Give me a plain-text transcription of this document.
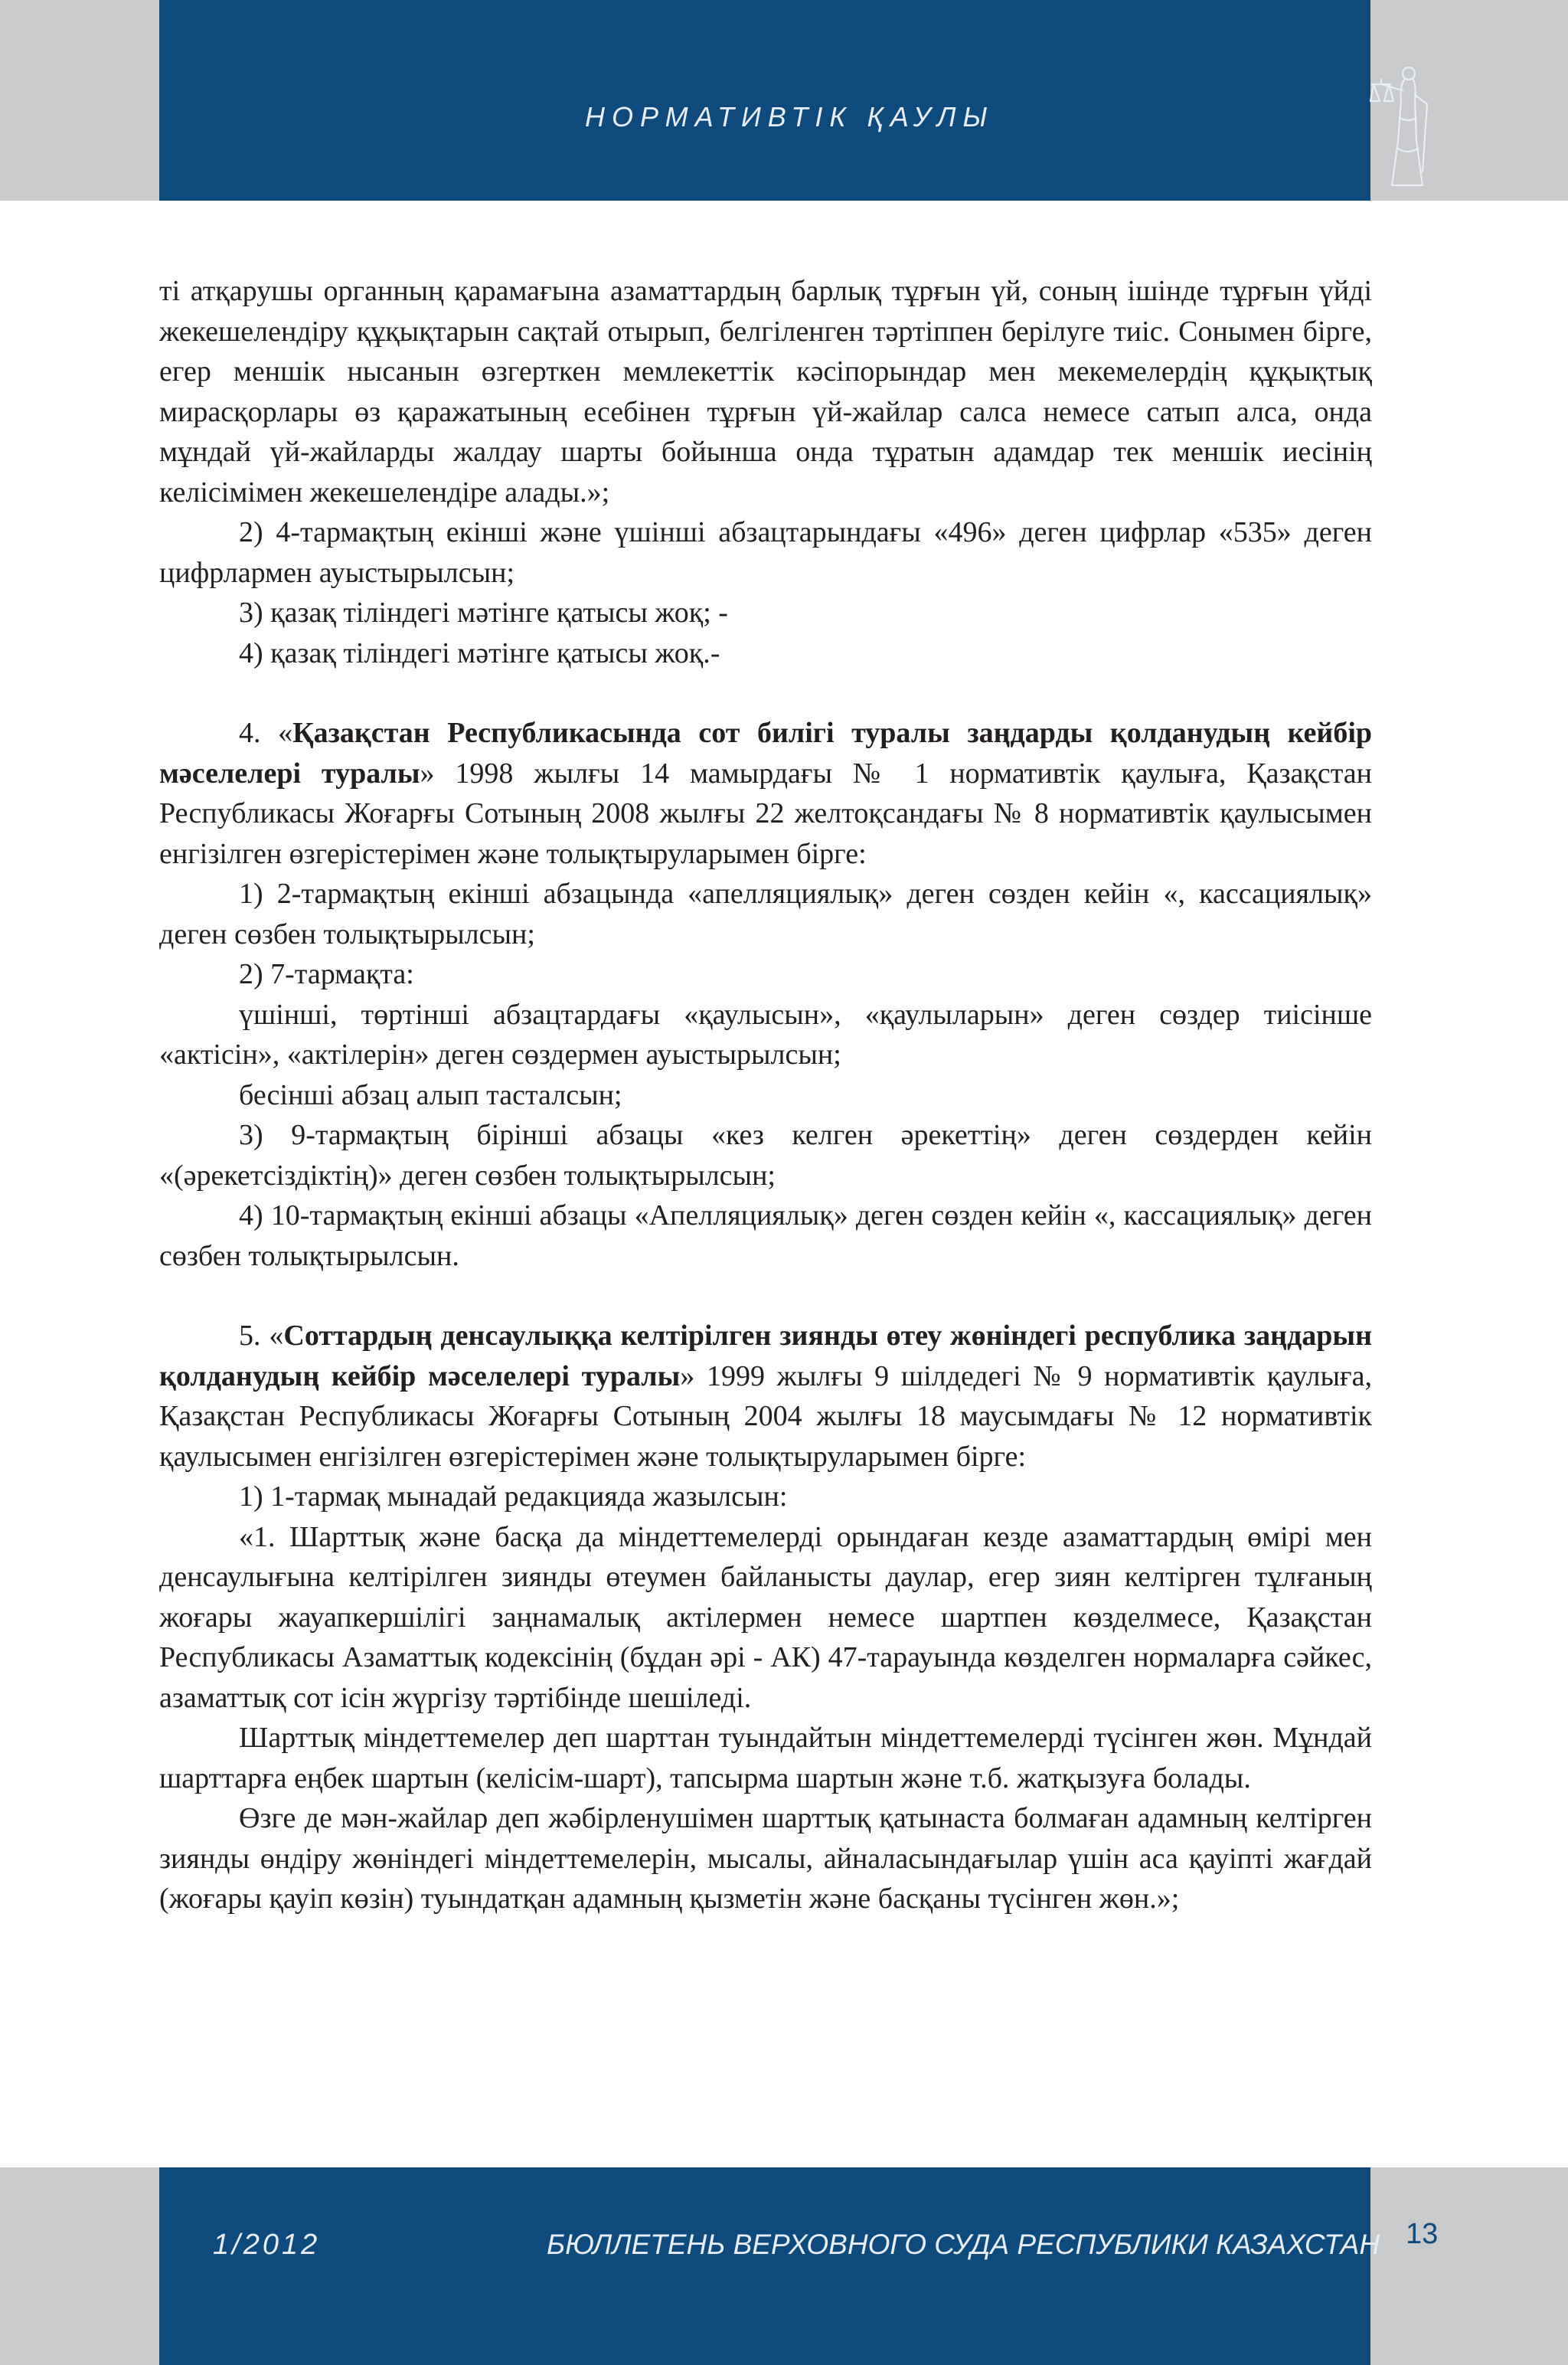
НОРМАТИВТІК ҚАУЛЫ

ті атқарушы органның қарамағына азаматтардың барлық тұрғын үй, соның ішінде тұрғын үйді жекешелендіру құқықтарын сақтай отырып, белгіленген тәртіппен берілуге тиіс. Сонымен бірге, егер меншік нысанын өзгерткен мемлекеттік кәсіпорындар мен мекемелердің құқықтық мирасқорлары өз қаражатының есебінен тұрғын үй-жайлар салса немесе сатып алса, онда мұндай үй-жайларды жалдау шарты бойынша онда тұратын адамдар тек меншік иесінің келісімімен жекешелендіре алады.»;

2) 4-тармақтың екінші және үшінші абзацтарындағы «496» деген цифрлар «535» деген цифрлармен ауыстырылсын;

3) қазақ тіліндегі мәтінге қатысы жоқ; -

4) қазақ тіліндегі мәтінге қатысы жоқ.-

4. «Қазақстан Республикасында сот билігі туралы заңдарды қолданудың кейбір мәселелері туралы» 1998 жылғы 14 мамырдағы № 1 нормативтік қаулыға, Қазақстан Республикасы Жоғарғы Сотының 2008 жылғы 22 желтоқсандағы № 8 нормативтік қаулысымен енгізілген өзгерістерімен және толықтыруларымен бірге:

1) 2-тармақтың екінші абзацында «апелляциялық» деген сөзден кейін «, кассациялық» деген сөзбен толықтырылсын;

2) 7-тармақта:

үшінші, төртінші абзацтардағы «қаулысын», «қаулыларын» деген сөздер тиісінше «актісін», «актілерін» деген сөздермен ауыстырылсын;

бесінші абзац алып тасталсын;

3) 9-тармақтың бірінші абзацы «кез келген әрекеттің» деген сөздерден кейін «(әрекетсіздіктің)» деген сөзбен толықтырылсын;

4) 10-тармақтың екінші абзацы «Апелляциялық» деген сөзден кейін «, кассациялық» деген сөзбен толықтырылсын.

5. «Соттардың денсаулыққа келтірілген зиянды өтеу жөніндегі республика заңдарын қолданудың кейбір мәселелері туралы» 1999 жылғы 9 шілдедегі № 9 нормативтік қаулыға, Қазақстан Республикасы Жоғарғы Сотының 2004 жылғы 18 маусымдағы № 12 нормативтік қаулысымен енгізілген өзгерістерімен және толықтыруларымен бірге:

1) 1-тармақ мынадай редакцияда жазылсын:

«1. Шарттық және басқа да міндеттемелерді орындаған кезде азаматтардың өмірі мен денсаулығына келтірілген зиянды өтеумен байланысты даулар, егер зиян келтірген тұлғаның жоғары жауапкершілігі заңнамалық актілермен немесе шартпен көзделмесе, Қазақстан Республикасы Азаматтық кодексінің (бұдан әрі - АК) 47-тарауында көзделген нормаларға сәйкес, азаматтық сот ісін жүргізу тәртібінде шешіледі.

Шарттық міндеттемелер деп шарттан туындайтын міндеттемелерді түсінген жөн. Мұндай шарттарға еңбек шартын (келісім-шарт), тапсырма шартын және т.б. жатқызуға болады.

Өзге де мән-жайлар деп жәбірленушімен шарттық қатынаста болмаған адамның келтірген зиянды өндіру жөніндегі міндеттемелерін, мысалы, айналасындағылар үшін аса қауіпті жағдай (жоғары қауіп көзін) туындатқан адамның қызметін және басқаны түсінген жөн.»;

1/2012	БЮЛЛЕТЕНЬ ВЕРХОВНОГО СУДА РЕСПУБЛИКИ КАЗАХСТАН 13
